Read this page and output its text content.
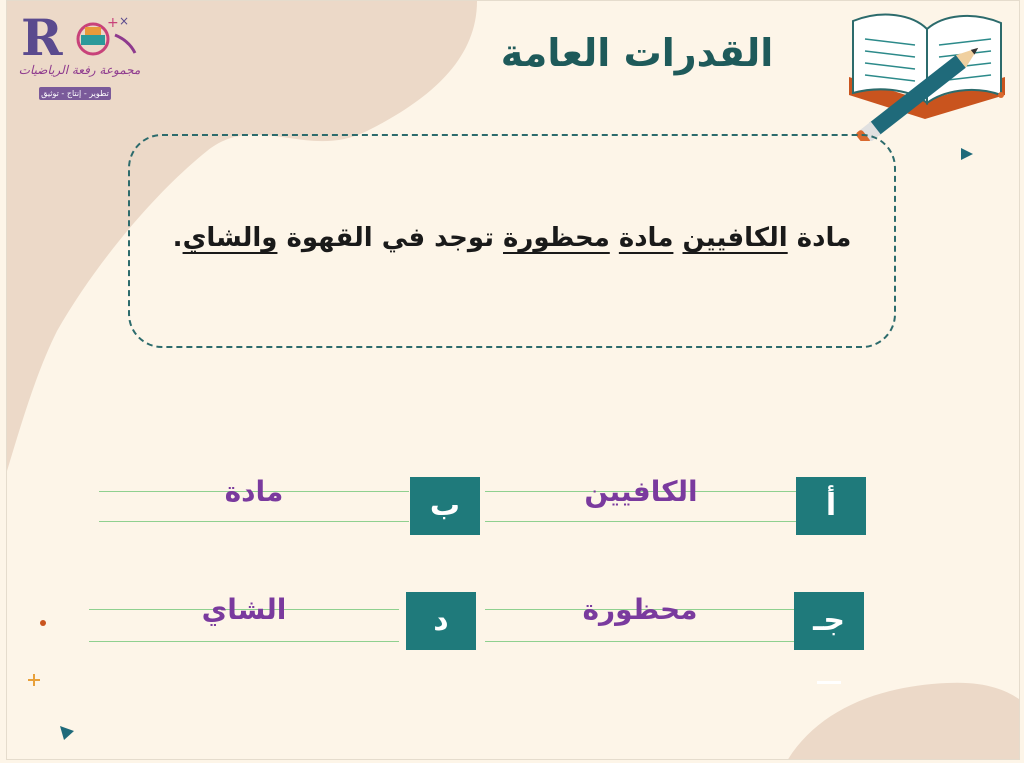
R	+ ×
مجموعة رفعة الرياضيات
تطوير - إنتاج - توثيق
القدرات العامة
مادة الكافيين مادة محظورة توجد في القهوة والشاي.
الكافيين	أ
مادة	ب
محظورة	جـ
الشاي	د
